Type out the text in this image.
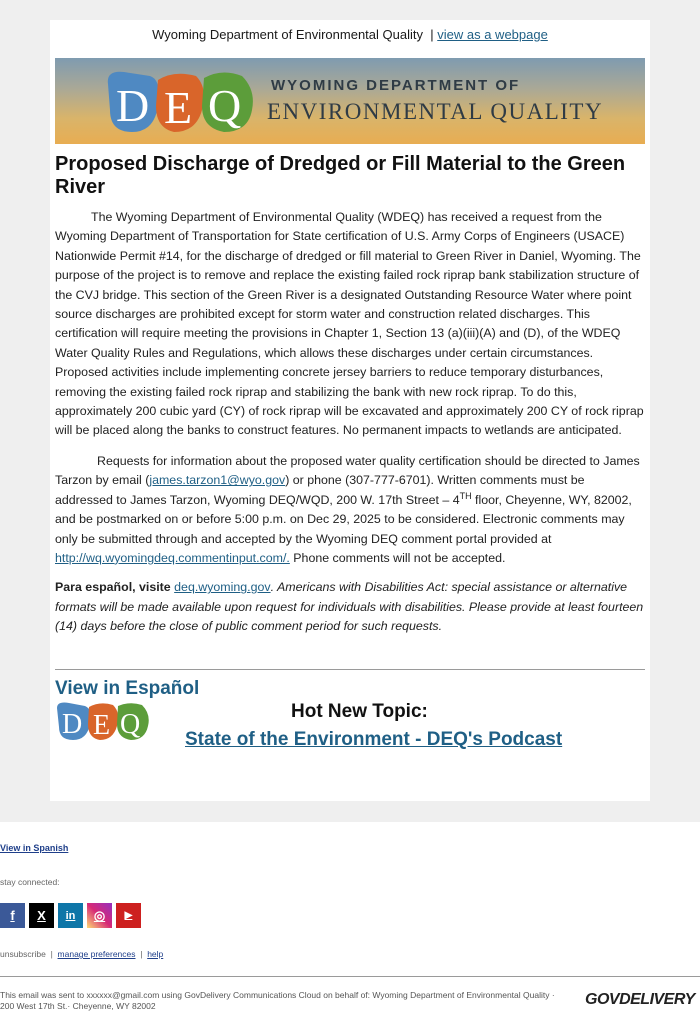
Wyoming Department of Environmental Quality | view as a webpage
D E Q WYOMING DEPARTMENT OF
ENVIRONMENTAL QUALITY
Proposed Discharge of Dredged or Fill Material to the Green River

The Wyoming Department of Environmental Quality (WDEQ) has received a request from the Wyoming Department of Transportation for State certification of U.S. Army Corps of Engineers (USACE) Nationwide Permit #14, for the discharge of dredged or fill material to Green River in Daniel, Wyoming. The purpose of the project is to remove and replace the existing failed rock riprap bank stabilization structure of the CVJ bridge. This section of the Green River is a designated Outstanding Resource Water where point source discharges are prohibited except for storm water and construction related discharges. This certification will require meeting the provisions in Chapter 1, Section 13 (a)(iii)(A) and (D), of the WDEQ Water Quality Rules and Regulations, which allows these discharges under certain circumstances. Proposed activities include implementing concrete jersey barriers to reduce temporary disturbances, removing the existing failed rock riprap and stabilizing the bank with new rock riprap. To do this, approximately 200 cubic yard (CY) of rock riprap will be excavated and approximately 200 CY of rock riprap will be placed along the banks to construct features. No permanent impacts to wetlands are anticipated.

Requests for information about the proposed water quality certification should be directed to James Tarzon by email (james.tarzon1@wyo.gov) or phone (307-777-6701). Written comments must be addressed to James Tarzon, Wyoming DEQ/WQD, 200 W. 17th Street – 4TH floor, Cheyenne, WY, 82002, and be postmarked on or before 5:00 p.m. on Dec 29, 2025 to be considered. Electronic comments may only be submitted through and accepted by the Wyoming DEQ comment portal provided at http://wq.wyomingdeq.commentinput.com/. Phone comments will not be accepted.

Para español, visite deq.wyoming.gov. Americans with Disabilities Act: special assistance or alternative formats will be made available upon request for individuals with disabilities. Please provide at least fourteen (14) days before the close of public comment period for such requests.

View in Español
D E Q	Hot New Topic:
State of the Environment - DEQ's Podcast
View in Spanish
stay connected:
f	X	in	◎	▶
unsubscribe | manage preferences | help
This email was sent to xxxxxx@gmail.com using GovDelivery Communications Cloud on behalf of: Wyoming Department of Environmental Quality · 200 West 17th St.· Cheyenne, WY 82002	GOVDELIVERY
